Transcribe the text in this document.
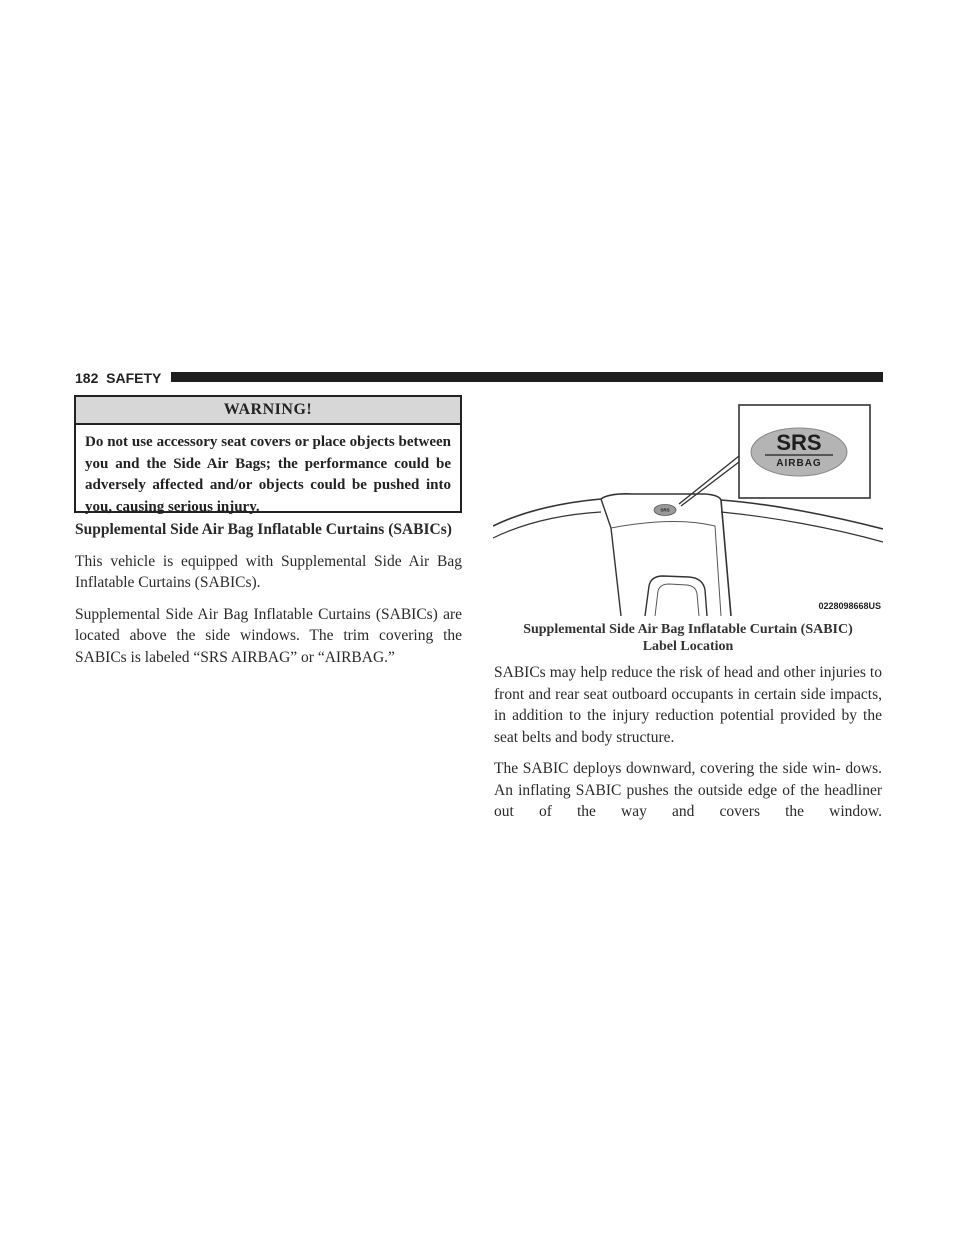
182 SAFETY
WARNING!
Do not use accessory seat covers or place objects between you and the Side Air Bags; the performance could be adversely affected and/or objects could be pushed into you, causing serious injury.
Supplemental Side Air Bag Inflatable Curtains (SABICs)

This vehicle is equipped with Supplemental Side Air Bag Inflatable Curtains (SABICs).

Supplemental Side Air Bag Inflatable Curtains (SABICs) are located above the side windows. The trim covering the SABICs is labeled “SRS AIRBAG” or “AIRBAG.”

SRS
SRS
AIRBAG
0228098668US
Supplemental Side Air Bag Inflatable Curtain (SABIC)
Label Location

SABICs may help reduce the risk of head and other injuries to front and rear seat outboard occupants in certain side impacts, in addition to the injury reduction potential provided by the seat belts and body structure.

The SABIC deploys downward, covering the side win- dows. An inflating SABIC pushes the outside edge of the headliner out of the way and covers the window.
